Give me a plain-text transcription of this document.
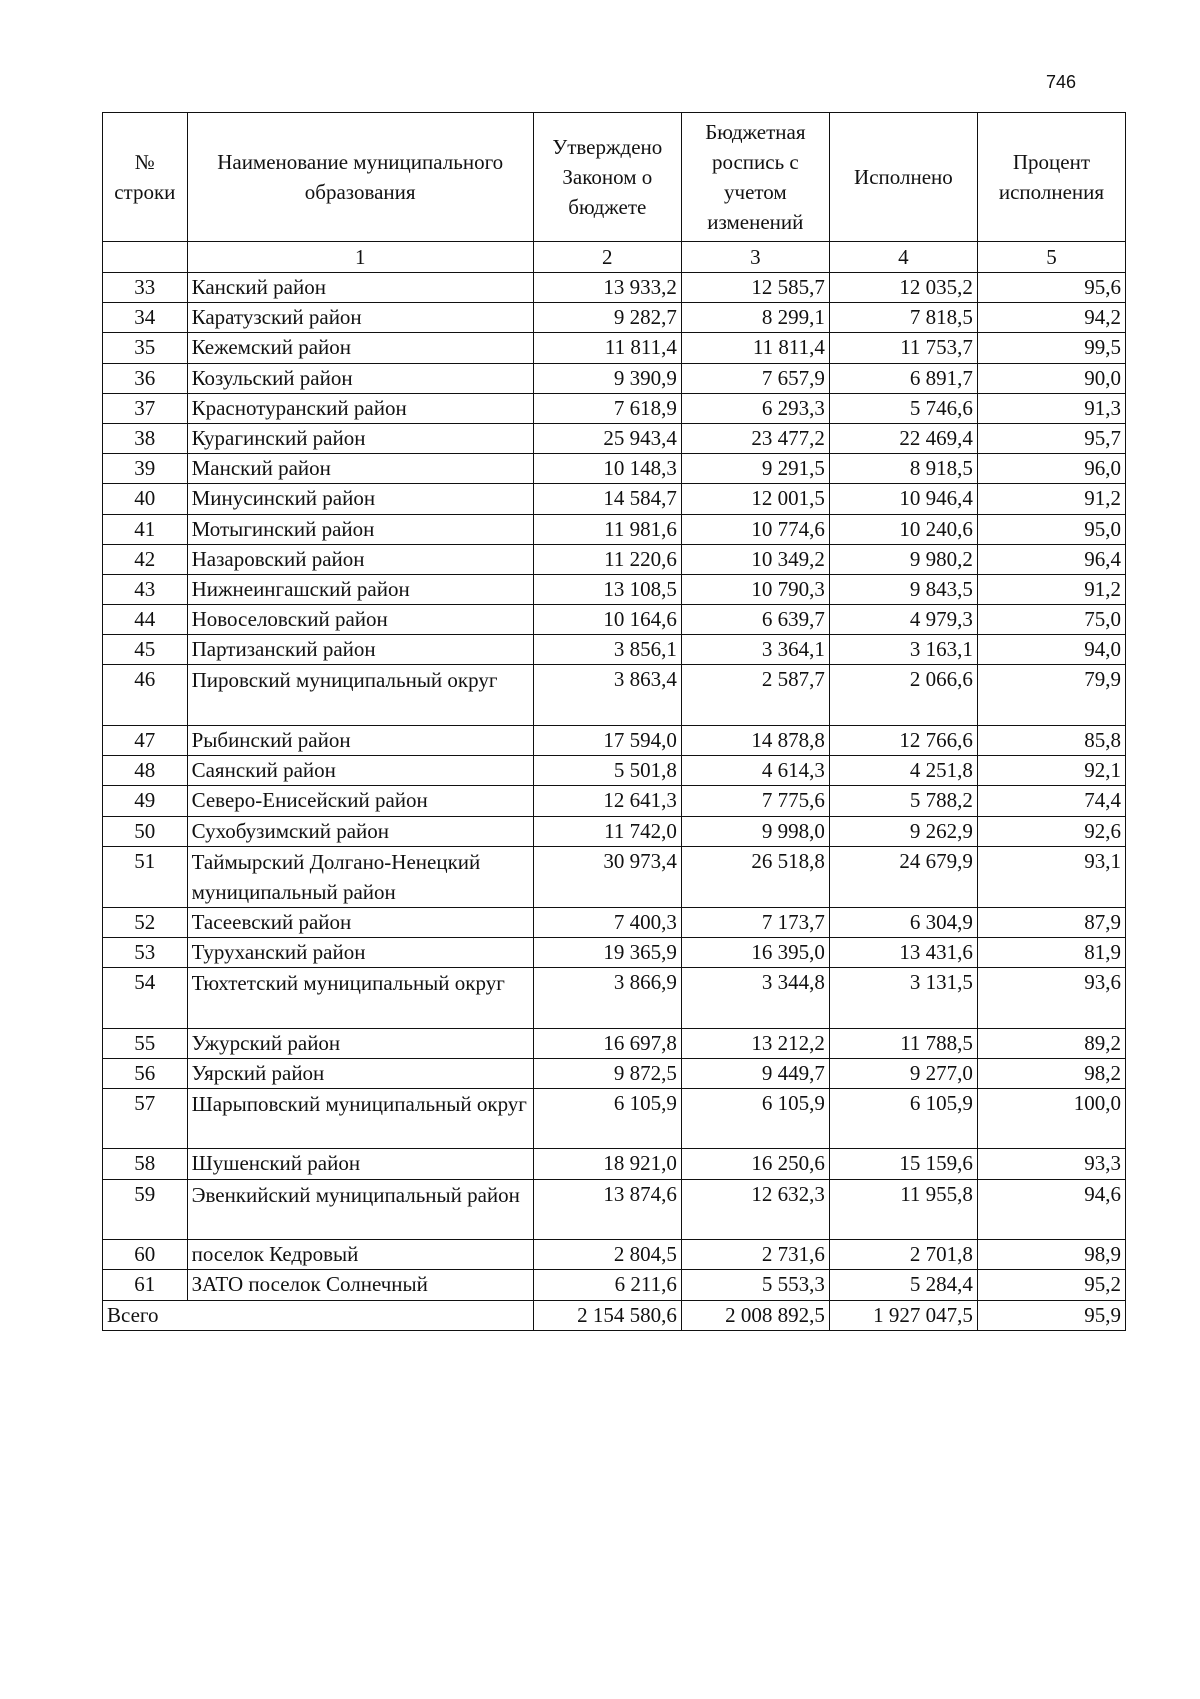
746
№ строки	Наименование муниципального образования	Утверждено Законом о бюджете	Бюджетная роспись с учетом изменений	Исполнено	Процент исполнения
	1	2	3	4	5
33	Канский район	13 933,2	12 585,7	12 035,2	95,6
34	Каратузский район	9 282,7	8 299,1	7 818,5	94,2
35	Кежемский район	11 811,4	11 811,4	11 753,7	99,5
36	Козульский район	9 390,9	7 657,9	6 891,7	90,0
37	Краснотуранский район	7 618,9	6 293,3	5 746,6	91,3
38	Курагинский район	25 943,4	23 477,2	22 469,4	95,7
39	Манский район	10 148,3	9 291,5	8 918,5	96,0
40	Минусинский район	14 584,7	12 001,5	10 946,4	91,2
41	Мотыгинский район	11 981,6	10 774,6	10 240,6	95,0
42	Назаровский район	11 220,6	10 349,2	9 980,2	96,4
43	Нижнеингашский район	13 108,5	10 790,3	9 843,5	91,2
44	Новоселовский район	10 164,6	6 639,7	4 979,3	75,0
45	Партизанский район	3 856,1	3 364,1	3 163,1	94,0
46	Пировский муниципальный округ	3 863,4	2 587,7	2 066,6	79,9
47	Рыбинский район	17 594,0	14 878,8	12 766,6	85,8
48	Саянский район	5 501,8	4 614,3	4 251,8	92,1
49	Северо-Енисейский район	12 641,3	7 775,6	5 788,2	74,4
50	Сухобузимский район	11 742,0	9 998,0	9 262,9	92,6
51	Таймырский Долгано-Ненецкий муниципальный район	30 973,4	26 518,8	24 679,9	93,1
52	Тасеевский район	7 400,3	7 173,7	6 304,9	87,9
53	Туруханский район	19 365,9	16 395,0	13 431,6	81,9
54	Тюхтетский муниципальный округ	3 866,9	3 344,8	3 131,5	93,6
55	Ужурский район	16 697,8	13 212,2	11 788,5	89,2
56	Уярский район	9 872,5	9 449,7	9 277,0	98,2
57	Шарыповский муниципальный округ	6 105,9	6 105,9	6 105,9	100,0
58	Шушенский район	18 921,0	16 250,6	15 159,6	93,3
59	Эвенкийский муниципальный район	13 874,6	12 632,3	11 955,8	94,6
60	поселок Кедровый	2 804,5	2 731,6	2 701,8	98,9
61	ЗАТО поселок Солнечный	6 211,6	5 553,3	5 284,4	95,2
Всего		2 154 580,6	2 008 892,5	1 927 047,5	95,9
